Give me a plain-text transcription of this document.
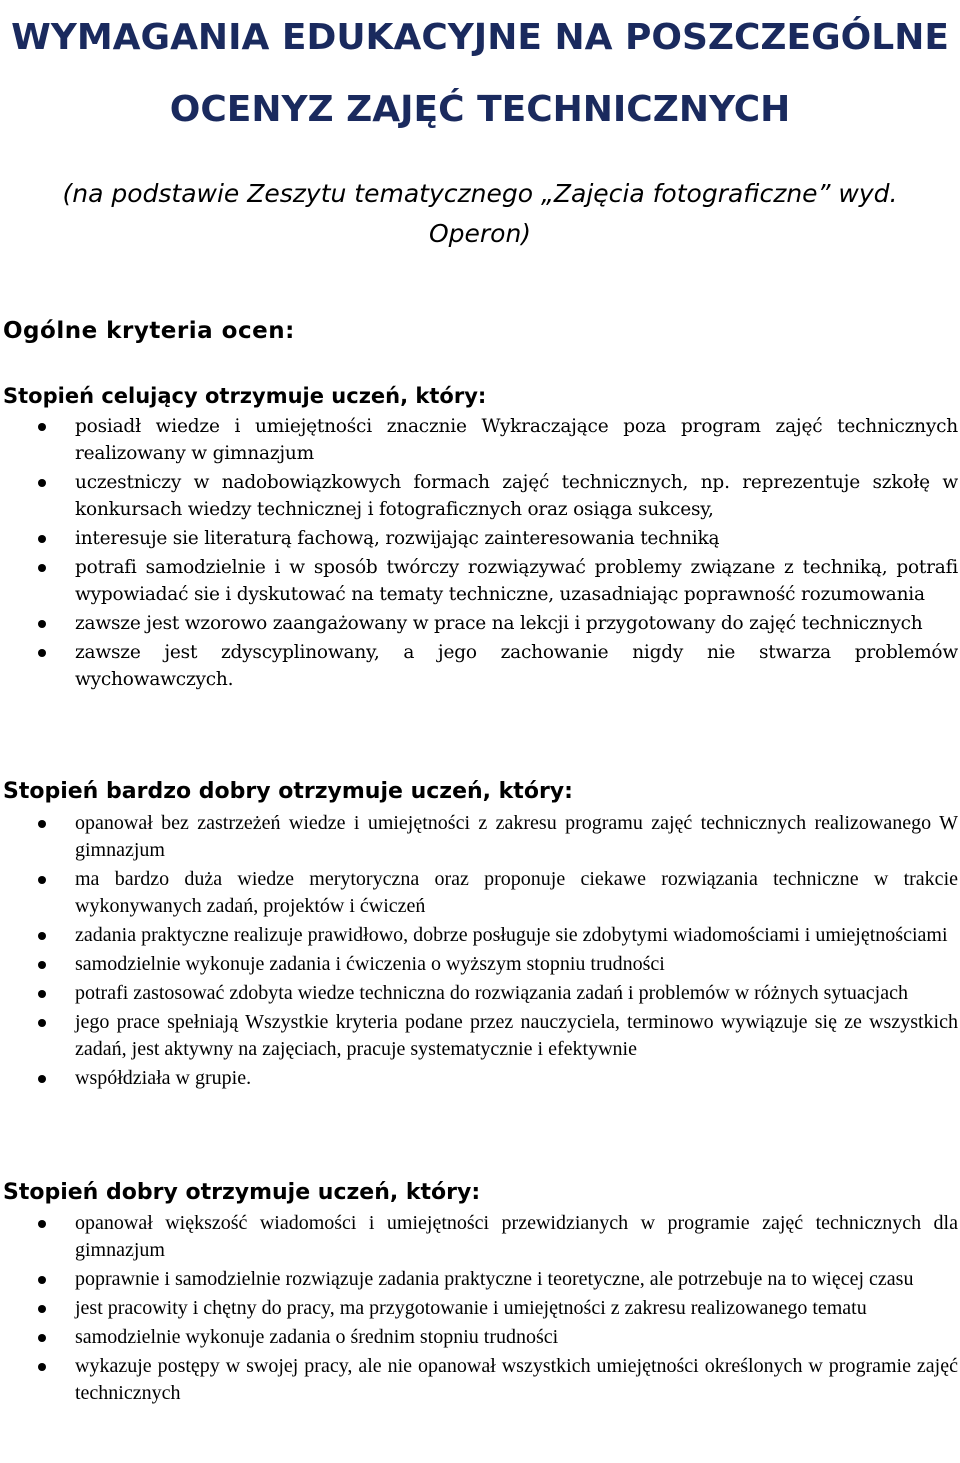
WYMAGANIA EDUKACYJNE NA POSZCZEGÓLNE OCENYZ ZAJĘĆ TECHNICZNYCH

(na podstawie Zeszytu tematycznego „Zajęcia fotograficzne” wyd. Operon)

Ogólne kryteria ocen:
Stopień celujący otrzymuje uczeń, który:
posiadł wiedze i umiejętności znacznie Wykraczające poza program zajęć technicznych realizowany w gimnazjum
uczestniczy w nadobowiązkowych formach zajęć technicznych, np. reprezentuje szkołę w konkursach wiedzy technicznej i fotograficznych oraz osiąga sukcesy,
interesuje sie literaturą fachową, rozwijając zainteresowania techniką
potrafi samodzielnie i w sposób twórczy rozwiązywać problemy związane z techniką, potrafi wypowiadać sie i dyskutować na tematy techniczne, uzasadniając poprawność rozumowania
zawsze jest wzorowo zaangażowany w prace na lekcji i przygotowany do zajęć technicznych
zawsze jest zdyscyplinowany, a jego zachowanie nigdy nie stwarza problemów wychowawczych.
Stopień bardzo dobry otrzymuje uczeń, który:
opanował bez zastrzeżeń wiedze i umiejętności z zakresu programu zajęć technicznych realizowanego W gimnazjum
ma bardzo duża wiedze merytoryczna oraz proponuje ciekawe rozwiązania techniczne w trakcie wykonywanych zadań, projektów i ćwiczeń
zadania praktyczne realizuje prawidłowo, dobrze posługuje sie zdobytymi wiadomościami i umiejętnościami
samodzielnie wykonuje zadania i ćwiczenia o wyższym stopniu trudności
potrafi zastosować zdobyta wiedze techniczna do rozwiązania zadań i problemów w różnych sytuacjach
jego prace spełniają Wszystkie kryteria podane przez nauczyciela, terminowo wywiązuje się ze wszystkich zadań, jest aktywny na zajęciach, pracuje systematycznie i efektywnie
współdziała w grupie.
Stopień dobry otrzymuje uczeń, który:
opanował większość wiadomości i umiejętności przewidzianych w programie zajęć technicznych dla gimnazjum
poprawnie i samodzielnie rozwiązuje zadania praktyczne i teoretyczne, ale potrzebuje na to więcej czasu
jest pracowity i chętny do pracy, ma przygotowanie i umiejętności z zakresu realizowanego tematu
samodzielnie wykonuje zadania o średnim stopniu trudności
wykazuje postępy w swojej pracy, ale nie opanował wszystkich umiejętności określonych w programie zajęć technicznych
